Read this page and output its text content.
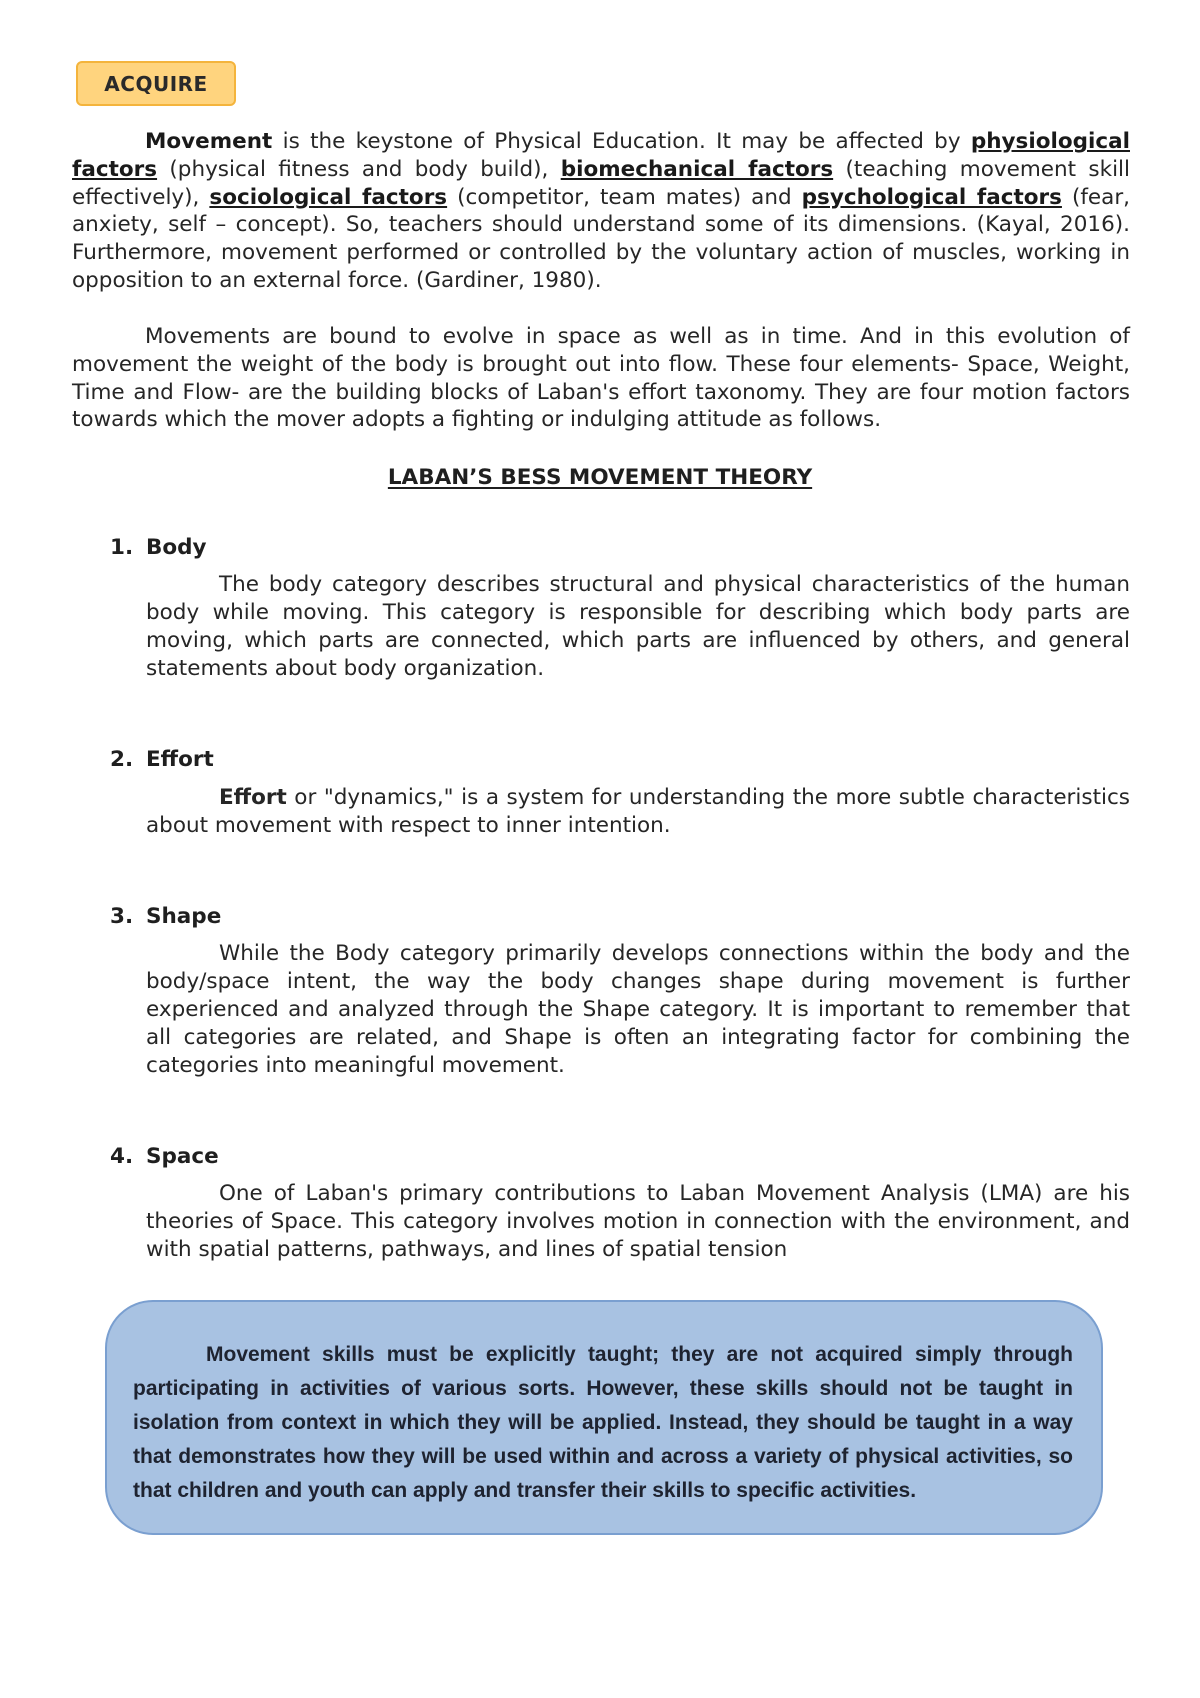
ACQUIRE

Movement is the keystone of Physical Education. It may be affected by physiological factors (physical fitness and body build), biomechanical factors (teaching movement skill effectively), sociological factors (competitor, team mates) and psychological factors (fear, anxiety, self – concept). So, teachers should understand some of its dimensions. (Kayal, 2016). Furthermore, movement performed or controlled by the voluntary action of muscles, working in opposition to an external force. (Gardiner, 1980).

Movements are bound to evolve in space as well as in time. And in this evolution of movement the weight of the body is brought out into flow. These four elements- Space, Weight, Time and Flow- are the building blocks of Laban's effort taxonomy. They are four motion factors towards which the mover adopts a fighting or indulging attitude as follows.

LABAN’S BESS MOVEMENT THEORY
1. Body

The body category describes structural and physical characteristics of the human body while moving. This category is responsible for describing which body parts are moving, which parts are connected, which parts are influenced by others, and general statements about body organization.

2. Effort

Effort or "dynamics," is a system for understanding the more subtle characteristics about movement with respect to inner intention.

3. Shape

While the Body category primarily develops connections within the body and the body/space intent, the way the body changes shape during movement is further experienced and analyzed through the Shape category. It is important to remember that all categories are related, and Shape is often an integrating factor for combining the categories into meaningful movement.

4. Space

One of Laban's primary contributions to Laban Movement Analysis (LMA) are his theories of Space. This category involves motion in connection with the environment, and with spatial patterns, pathways, and lines of spatial tension

Movement skills must be explicitly taught; they are not acquired simply through participating in activities of various sorts. However, these skills should not be taught in isolation from context in which they will be applied. Instead, they should be taught in a way that demonstrates how they will be used within and across a variety of physical activities, so that children and youth can apply and transfer their skills to specific activities.
